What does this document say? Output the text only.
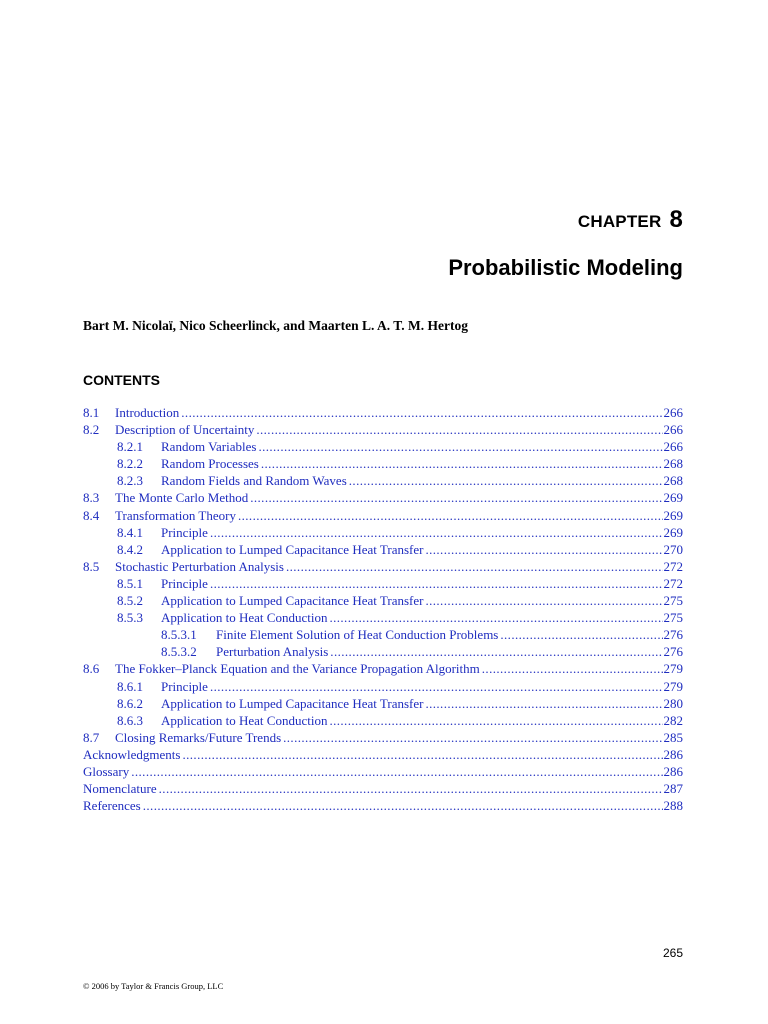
CHAPTER 8
Probabilistic Modeling
Bart M. Nicolaï, Nico Scheerlinck, and Maarten L. A. T. M. Hertog
CONTENTS
8.1	Introduction .....	266
8.2	Description of Uncertainty .....	266
8.2.1	Random Variables .....	266
8.2.2	Random Processes .....	268
8.2.3	Random Fields and Random Waves .....	268
8.3	The Monte Carlo Method .....	269
8.4	Transformation Theory .....	269
8.4.1	Principle .....	269
8.4.2	Application to Lumped Capacitance Heat Transfer .....	270
8.5	Stochastic Perturbation Analysis .....	272
8.5.1	Principle .....	272
8.5.2	Application to Lumped Capacitance Heat Transfer .....	275
8.5.3	Application to Heat Conduction .....	275
8.5.3.1	Finite Element Solution of Heat Conduction Problems .....	276
8.5.3.2	Perturbation Analysis .....	276
8.6	The Fokker–Planck Equation and the Variance Propagation Algorithm .....	279
8.6.1	Principle .....	279
8.6.2	Application to Lumped Capacitance Heat Transfer .....	280
8.6.3	Application to Heat Conduction .....	282
8.7	Closing Remarks/Future Trends .....	285
Acknowledgments .....	286
Glossary .....	286
Nomenclature .....	287
References .....	288
265
© 2006 by Taylor & Francis Group, LLC
